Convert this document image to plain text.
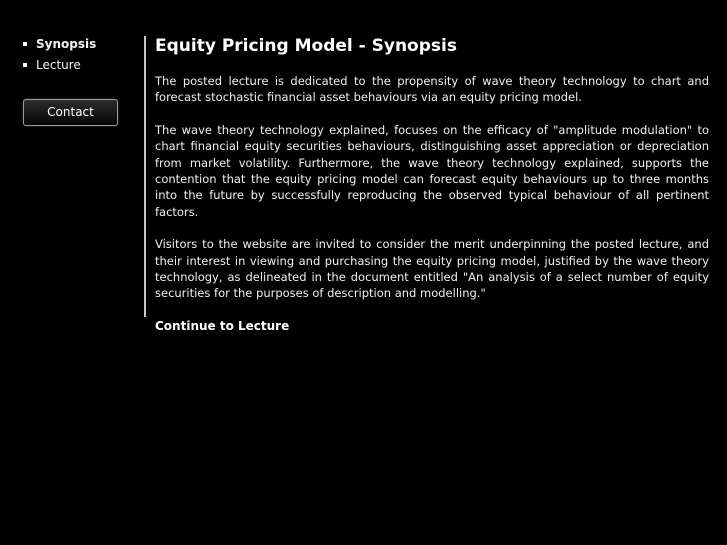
Synopsis
Lecture
Contact
Equity Pricing Model - Synopsis

The posted lecture is dedicated to the propensity of wave theory technology to chart and forecast stochastic financial asset behaviours via an equity pricing model.

The wave theory technology explained, focuses on the efficacy of "amplitude modulation" to chart financial equity securities behaviours, distinguishing asset appreciation or depreciation from market volatility. Furthermore, the wave theory technology explained, supports the contention that the equity pricing model can forecast equity behaviours up to three months into the future by successfully reproducing the observed typical behaviour of all pertinent factors.

Visitors to the website are invited to consider the merit underpinning the posted lecture, and their interest in viewing and purchasing the equity pricing model, justified by the wave theory technology, as delineated in the document entitled "An analysis of a select number of equity securities for the purposes of description and modelling."

Continue to Lecture
